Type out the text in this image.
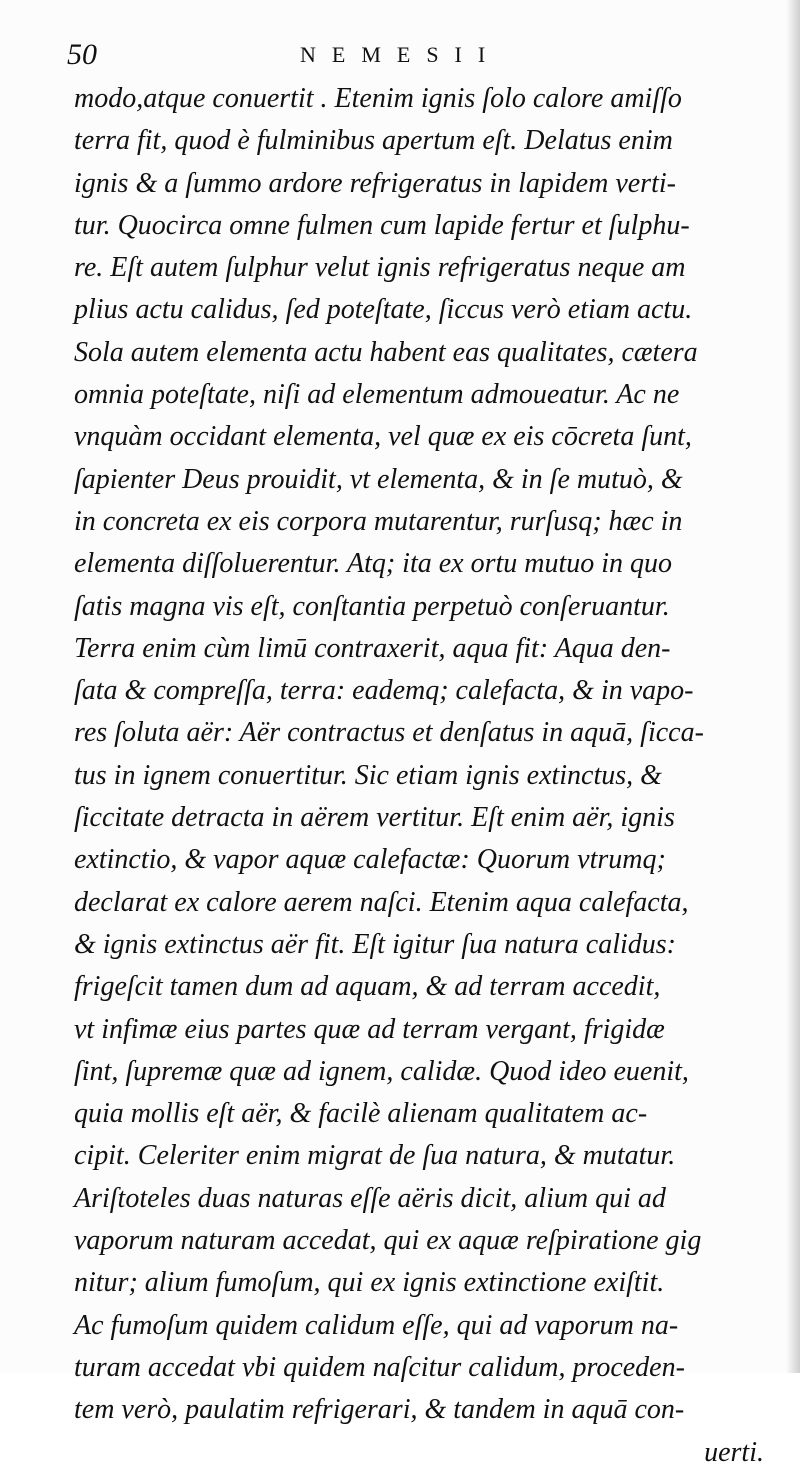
50	NEMESII
modo,atque conuertit . Etenim ignis ſolo calore amiſſo
terra fit, quod è fulminibus apertum eſt. Delatus enim
ignis & a ſummo ardore refrigeratus in lapidem verti-
tur. Quocirca omne fulmen cum lapide fertur et ſulphu-
re. Eſt autem ſulphur velut ignis refrigeratus neque am
plius actu calidus, ſed poteſtate, ſiccus verò etiam actu.
Sola autem elementa actu habent eas qualitates, cætera
omnia poteſtate, niſi ad elementum admoueatur. Ac ne
vnquàm occidant elementa, vel quæ ex eis cōcreta ſunt,
ſapienter Deus prouidit, vt elementa, & in ſe mutuò, &
in concreta ex eis corpora mutarentur, rurſusq; hæc in
elementa diſſoluerentur. Atq; ita ex ortu mutuo in quo
ſatis magna vis eſt, conſtantia perpetuò conſeruantur.
Terra enim cùm limū contraxerit, aqua fit: Aqua den-
ſata & compreſſa, terra: eademq; calefacta, & in vapo-
res ſoluta aër: Aër contractus et denſatus in aquā, ſicca-
tus in ignem conuertitur. Sic etiam ignis extinctus, &
ſiccitate detracta in aërem vertitur. Eſt enim aër, ignis
extinctio, & vapor aquæ calefactæ: Quorum vtrumq;
declarat ex calore aerem naſci. Etenim aqua calefacta,
& ignis extinctus aër fit. Eſt igitur ſua natura calidus:
frigeſcit tamen dum ad aquam, & ad terram accedit,
vt infimæ eius partes quæ ad terram vergant, frigidæ
ſint, ſupremæ quæ ad ignem, calidæ. Quod ideo euenit,
quia mollis eſt aër, & facilè alienam qualitatem ac-
cipit. Celeriter enim migrat de ſua natura, & mutatur.
Ariſtoteles duas naturas eſſe aëris dicit, alium qui ad
vaporum naturam accedat, qui ex aquæ reſpiratione gig
nitur; alium fumoſum, qui ex ignis extinctione exiſtit.
Ac fumoſum quidem calidum eſſe, qui ad vaporum na-
turam accedat vbi quidem naſcitur calidum, proceden-
tem verò, paulatim refrigerari, & tandem in aquā con-
uerti.
